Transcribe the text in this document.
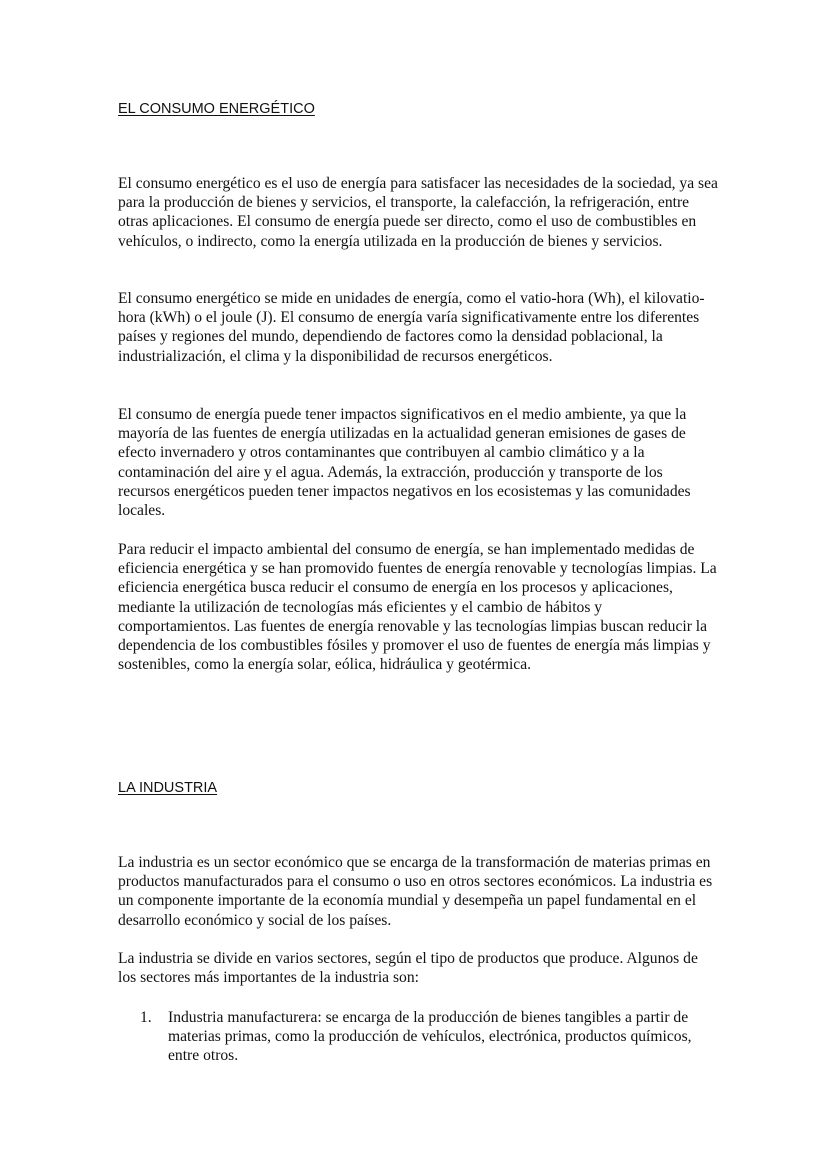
EL CONSUMO ENERGÉTICO

El consumo energético es el uso de energía para satisfacer las necesidades de la sociedad, ya sea para la producción de bienes y servicios, el transporte, la calefacción, la refrigeración, entre otras aplicaciones. El consumo de energía puede ser directo, como el uso de combustibles en vehículos, o indirecto, como la energía utilizada en la producción de bienes y servicios.

El consumo energético se mide en unidades de energía, como el vatio-hora (Wh), el kilovatio-hora (kWh) o el joule (J). El consumo de energía varía significativamente entre los diferentes países y regiones del mundo, dependiendo de factores como la densidad poblacional, la industrialización, el clima y la disponibilidad de recursos energéticos.

El consumo de energía puede tener impactos significativos en el medio ambiente, ya que la mayoría de las fuentes de energía utilizadas en la actualidad generan emisiones de gases de efecto invernadero y otros contaminantes que contribuyen al cambio climático y a la contaminación del aire y el agua. Además, la extracción, producción y transporte de los recursos energéticos pueden tener impactos negativos en los ecosistemas y las comunidades locales.

Para reducir el impacto ambiental del consumo de energía, se han implementado medidas de eficiencia energética y se han promovido fuentes de energía renovable y tecnologías limpias. La eficiencia energética busca reducir el consumo de energía en los procesos y aplicaciones, mediante la utilización de tecnologías más eficientes y el cambio de hábitos y comportamientos. Las fuentes de energía renovable y las tecnologías limpias buscan reducir la dependencia de los combustibles fósiles y promover el uso de fuentes de energía más limpias y sostenibles, como la energía solar, eólica, hidráulica y geotérmica.

LA INDUSTRIA

La industria es un sector económico que se encarga de la transformación de materias primas en productos manufacturados para el consumo o uso en otros sectores económicos. La industria es un componente importante de la economía mundial y desempeña un papel fundamental en el desarrollo económico y social de los países.

La industria se divide en varios sectores, según el tipo de productos que produce. Algunos de los sectores más importantes de la industria son:

1. Industria manufacturera: se encarga de la producción de bienes tangibles a partir de materias primas, como la producción de vehículos, electrónica, productos químicos, entre otros.
